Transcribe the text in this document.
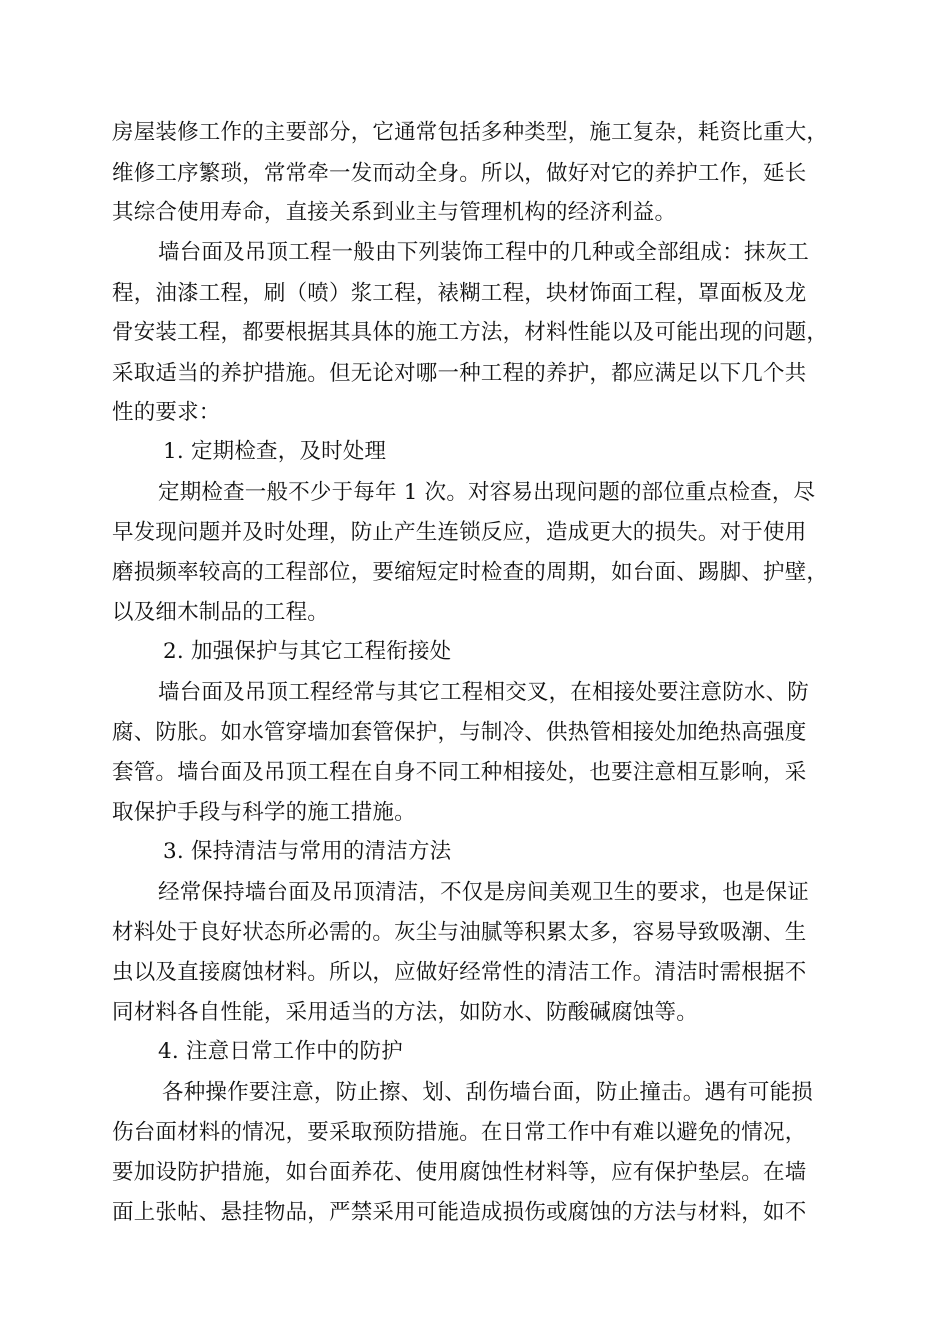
房屋装修工作的主要部分，它通常包括多种类型，施工复杂，耗资比重大，
维修工序繁琐，常常牵一发而动全身。所以，做好对它的养护工作，延长
其综合使用寿命，直接关系到业主与管理机构的经济利益。
墙台面及吊顶工程一般由下列装饰工程中的几种或全部组成：抹灰工
程，油漆工程，刷（喷）浆工程，裱糊工程，块材饰面工程，罩面板及龙
骨安装工程，都要根据其具体的施工方法，材料性能以及可能出现的问题，
采取适当的养护措施。但无论对哪一种工程的养护，都应满足以下几个共
性的要求：
1. 定期检查，及时处理
定期检查一般不少于每年 1 次。对容易出现问题的部位重点检查，尽
早发现问题并及时处理，防止产生连锁反应，造成更大的损失。对于使用
磨损频率较高的工程部位，要缩短定时检查的周期，如台面、踢脚、护壁，
以及细木制品的工程。
2. 加强保护与其它工程衔接处
墙台面及吊顶工程经常与其它工程相交叉，在相接处要注意防水、防
腐、防胀。如水管穿墙加套管保护，与制冷、供热管相接处加绝热高强度
套管。墙台面及吊顶工程在自身不同工种相接处，也要注意相互影响，采
取保护手段与科学的施工措施。
3. 保持清洁与常用的清洁方法
经常保持墙台面及吊顶清洁，不仅是房间美观卫生的要求，也是保证
材料处于良好状态所必需的。灰尘与油腻等积累太多，容易导致吸潮、生
虫以及直接腐蚀材料。所以，应做好经常性的清洁工作。清洁时需根据不
同材料各自性能，采用适当的方法，如防水、防酸碱腐蚀等。
4. 注意日常工作中的防护
各种操作要注意，防止擦、划、刮伤墙台面，防止撞击。遇有可能损
伤台面材料的情况，要采取预防措施。在日常工作中有难以避免的情况，
要加设防护措施，如台面养花、使用腐蚀性材料等，应有保护垫层。在墙
面上张帖、悬挂物品，严禁采用可能造成损伤或腐蚀的方法与材料，如不
